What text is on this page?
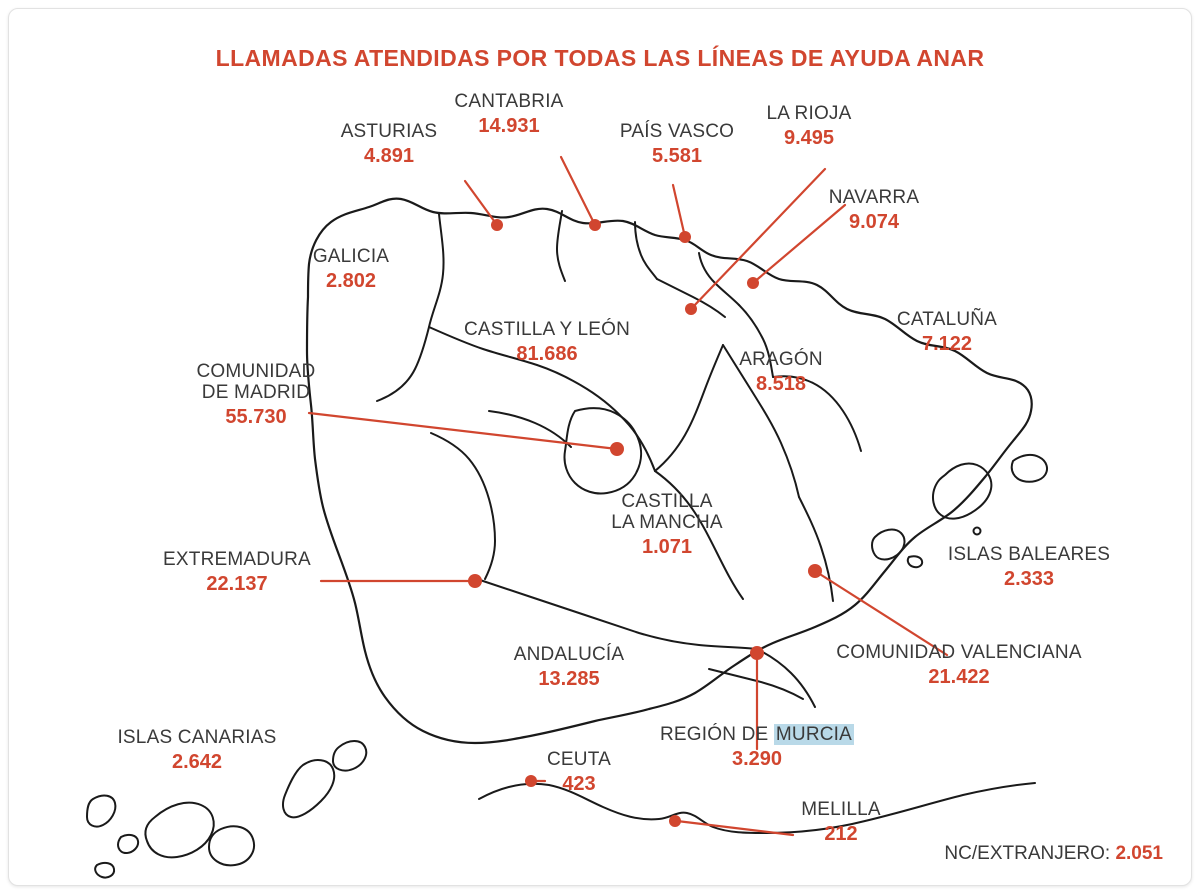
LLAMADAS ATENDIDAS POR TODAS LAS LÍNEAS DE AYUDA ANAR
ASTURIAS
4.891
CANTABRIA
14.931	PAÍS VASCO
5.581
LA RIOJA
9.495
NAVARRA
9.074
GALICIA
2.802
CASTILLA Y LEÓN
81.686	ARAGÓN
8.518
CATALUÑA
7.122
COMUNIDAD
DE MADRID
55.730
EXTREMADURA
22.137
CASTILLA
LA MANCHA
1.071	ISLAS BALEARES
2.333
COMUNIDAD VALENCIANA
21.422
ANDALUCÍA
13.285
REGIÓN DE MURCIA
3.290
ISLAS CANARIAS
2.642	CEUTA
423
MELILLA
212
NC/EXTRANJERO: 2.051
